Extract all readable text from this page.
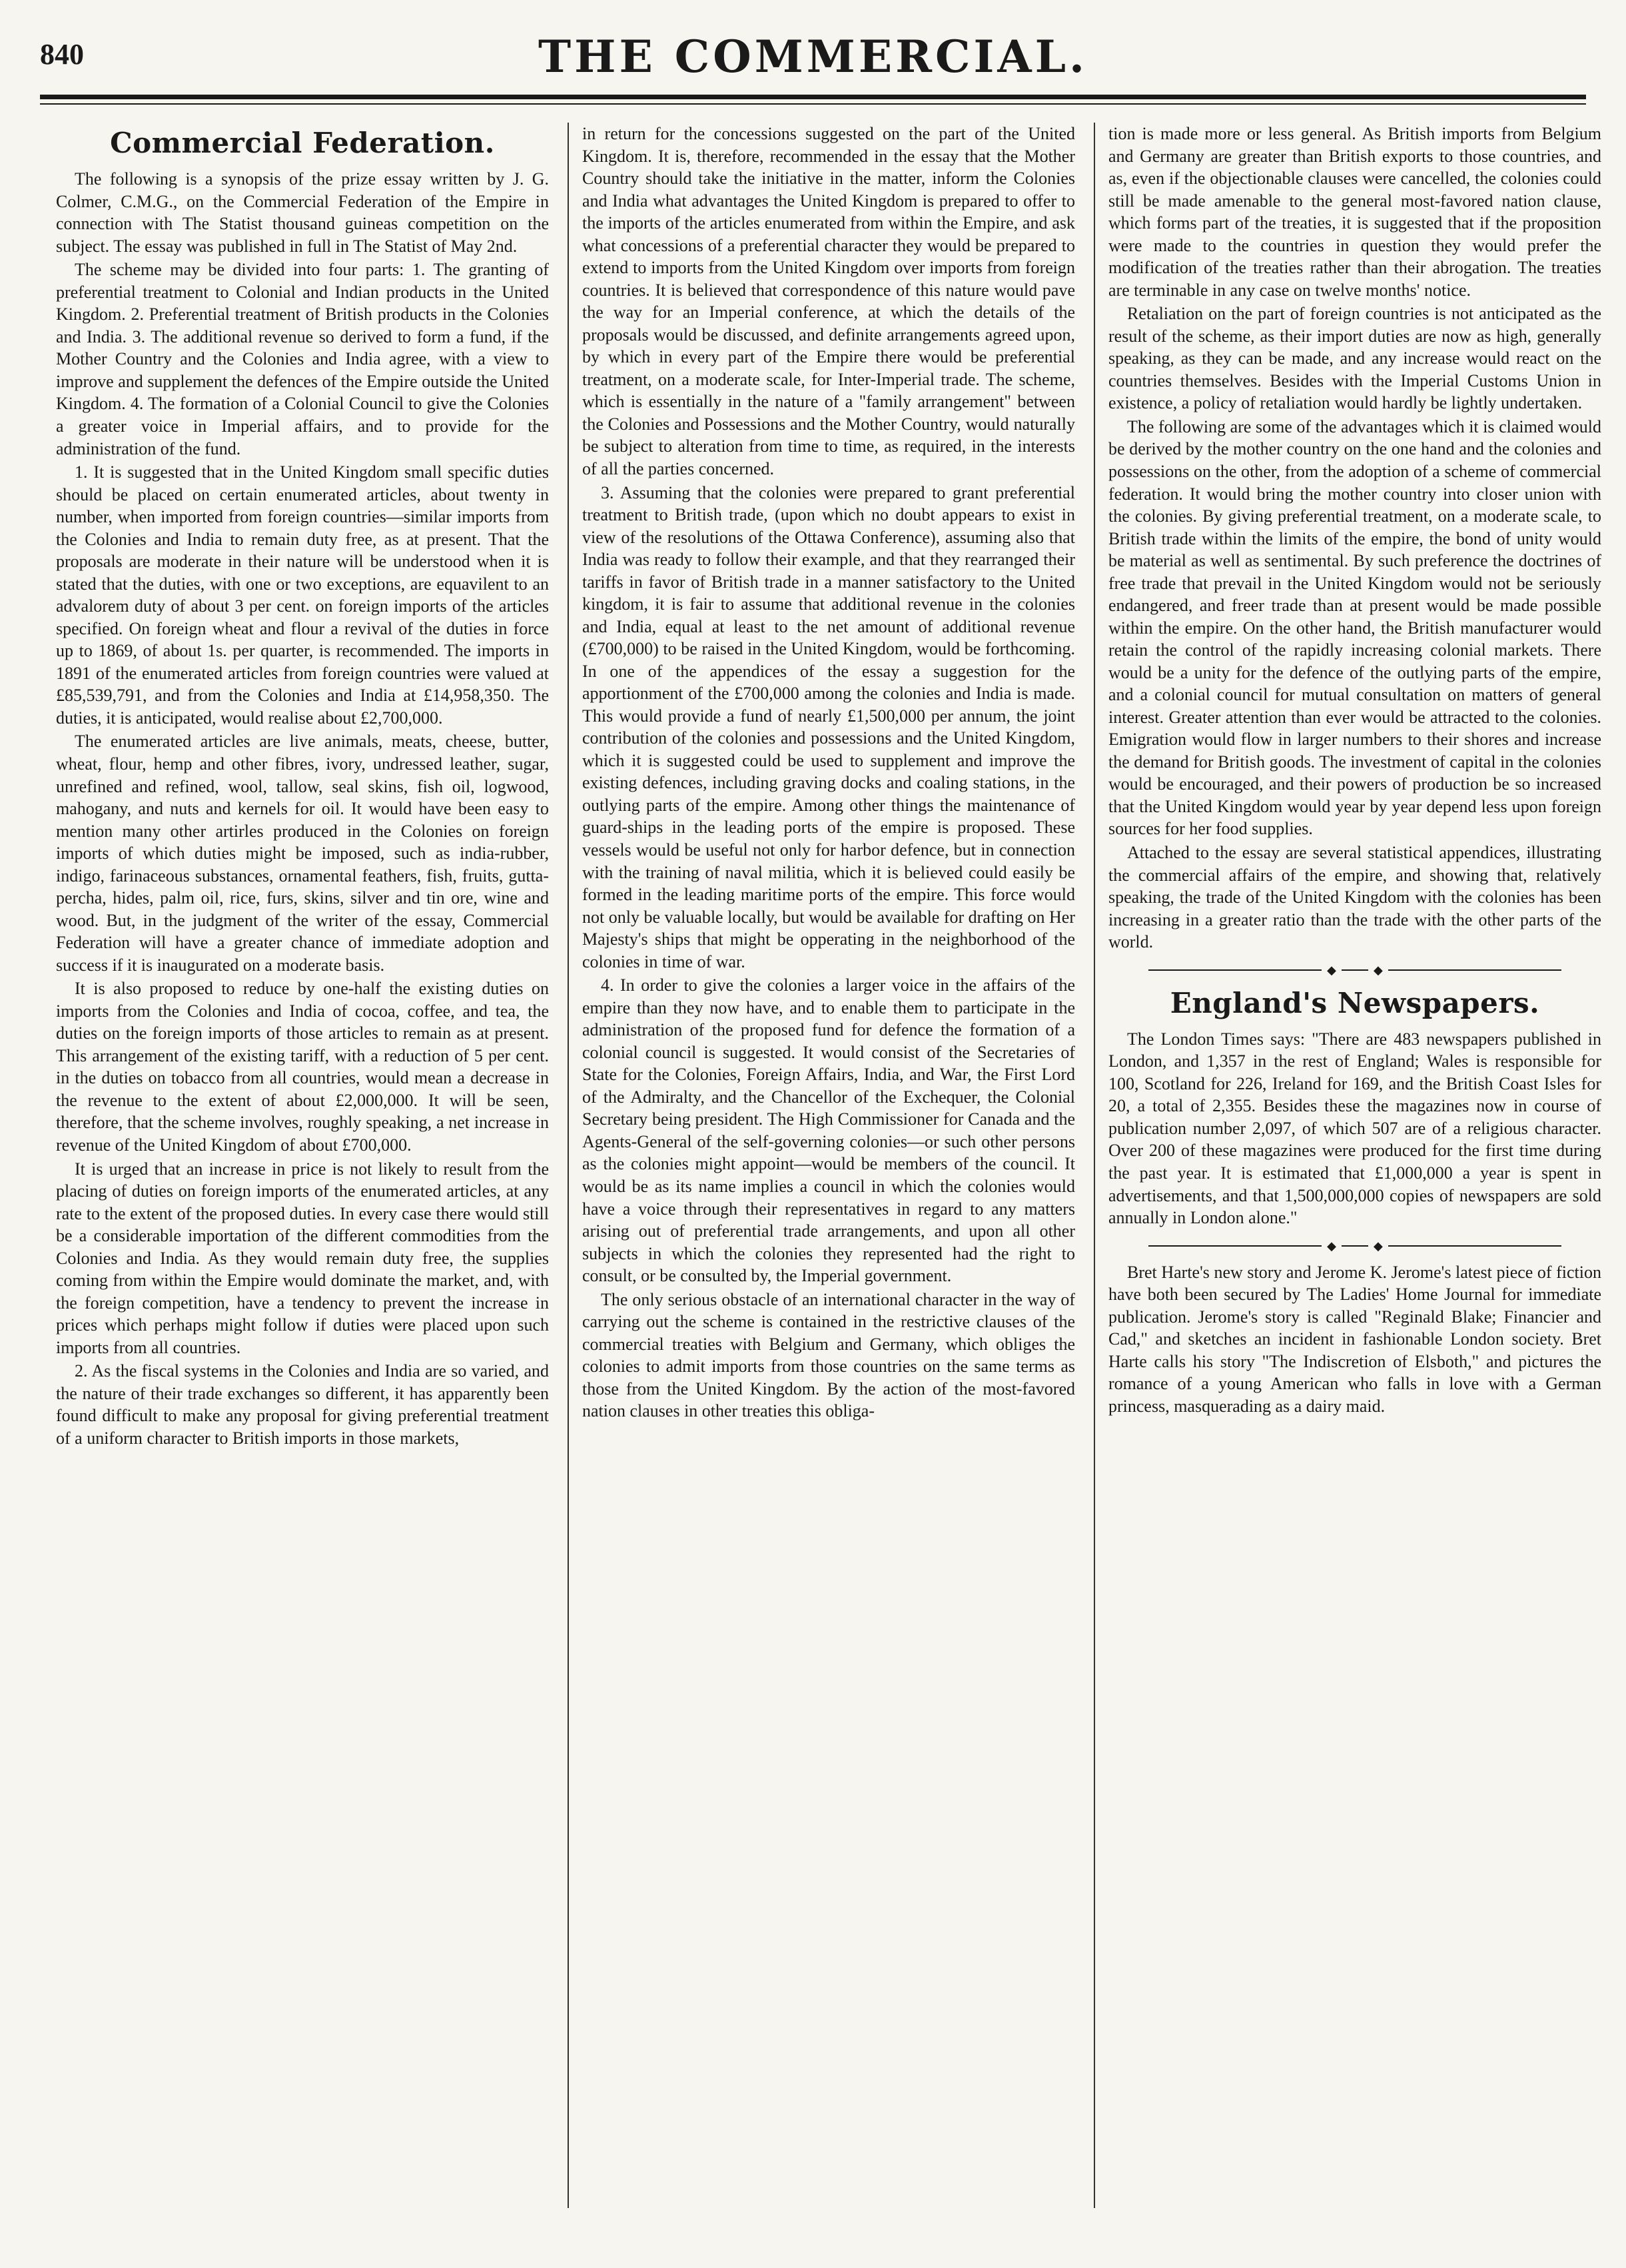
840	THE COMMERCIAL.
Commercial Federation.

The following is a synopsis of the prize essay written by J. G. Colmer, C.M.G., on the Commercial Federation of the Empire in connection with The Statist thousand guineas competition on the subject. The essay was published in full in The Statist of May 2nd.

The scheme may be divided into four parts: 1. The granting of preferential treatment to Colonial and Indian products in the United Kingdom. 2. Preferential treatment of British products in the Colonies and India. 3. The additional revenue so derived to form a fund, if the Mother Country and the Colonies and India agree, with a view to improve and supplement the defences of the Empire outside the United Kingdom. 4. The formation of a Colonial Council to give the Colonies a greater voice in Imperial affairs, and to provide for the administration of the fund.

1. It is suggested that in the United Kingdom small specific duties should be placed on certain enumerated articles, about twenty in number, when imported from foreign countries—similar imports from the Colonies and India to remain duty free, as at present. That the proposals are moderate in their nature will be understood when it is stated that the duties, with one or two exceptions, are equavilent to an advalorem duty of about 3 per cent. on foreign imports of the articles specified. On foreign wheat and flour a revival of the duties in force up to 1869, of about 1s. per quarter, is recommended. The imports in 1891 of the enumerated articles from foreign countries were valued at £85,539,791, and from the Colonies and India at £14,958,350. The duties, it is anticipated, would realise about £2,700,000.

The enumerated articles are live animals, meats, cheese, butter, wheat, flour, hemp and other fibres, ivory, undressed leather, sugar, unrefined and refined, wool, tallow, seal skins, fish oil, logwood, mahogany, and nuts and kernels for oil. It would have been easy to mention many other artirles produced in the Colonies on foreign imports of which duties might be imposed, such as india-rubber, indigo, farinaceous substances, ornamental feathers, fish, fruits, gutta-percha, hides, palm oil, rice, furs, skins, silver and tin ore, wine and wood. But, in the judgment of the writer of the essay, Commercial Federation will have a greater chance of immediate adoption and success if it is inaugurated on a moderate basis.

It is also proposed to reduce by one-half the existing duties on imports from the Colonies and India of cocoa, coffee, and tea, the duties on the foreign imports of those articles to remain as at present. This arrangement of the existing tariff, with a reduction of 5 per cent. in the duties on tobacco from all countries, would mean a decrease in the revenue to the extent of about £2,000,000. It will be seen, therefore, that the scheme involves, roughly speaking, a net increase in revenue of the United Kingdom of about £700,000.

It is urged that an increase in price is not likely to result from the placing of duties on foreign imports of the enumerated articles, at any rate to the extent of the proposed duties. In every case there would still be a considerable importation of the different commodities from the Colonies and India. As they would remain duty free, the supplies coming from within the Empire would dominate the market, and, with the foreign competition, have a tendency to prevent the increase in prices which perhaps might follow if duties were placed upon such imports from all countries.

2. As the fiscal systems in the Colonies and India are so varied, and the nature of their trade exchanges so different, it has apparently been found difficult to make any proposal for giving preferential treatment of a uniform character to British imports in those markets,

in return for the concessions suggested on the part of the United Kingdom. It is, therefore, recommended in the essay that the Mother Country should take the initiative in the matter, inform the Colonies and India what advantages the United Kingdom is prepared to offer to the imports of the articles enumerated from within the Empire, and ask what concessions of a preferential character they would be prepared to extend to imports from the United Kingdom over imports from foreign countries. It is believed that correspondence of this nature would pave the way for an Imperial conference, at which the details of the proposals would be discussed, and definite arrangements agreed upon, by which in every part of the Empire there would be preferential treatment, on a moderate scale, for Inter-Imperial trade. The scheme, which is essentially in the nature of a "family arrangement" between the Colonies and Possessions and the Mother Country, would naturally be subject to alteration from time to time, as required, in the interests of all the parties concerned.

3. Assuming that the colonies were prepared to grant preferential treatment to British trade, (upon which no doubt appears to exist in view of the resolutions of the Ottawa Conference), assuming also that India was ready to follow their example, and that they rearranged their tariffs in favor of British trade in a manner satisfactory to the United kingdom, it is fair to assume that additional revenue in the colonies and India, equal at least to the net amount of additional revenue (£700,000) to be raised in the United Kingdom, would be forthcoming. In one of the appendices of the essay a suggestion for the apportionment of the £700,000 among the colonies and India is made. This would provide a fund of nearly £1,500,000 per annum, the joint contribution of the colonies and possessions and the United Kingdom, which it is suggested could be used to supplement and improve the existing defences, including graving docks and coaling stations, in the outlying parts of the empire. Among other things the maintenance of guard-ships in the leading ports of the empire is proposed. These vessels would be useful not only for harbor defence, but in connection with the training of naval militia, which it is believed could easily be formed in the leading maritime ports of the empire. This force would not only be valuable locally, but would be available for drafting on Her Majesty's ships that might be opperating in the neighborhood of the colonies in time of war.

4. In order to give the colonies a larger voice in the affairs of the empire than they now have, and to enable them to participate in the administration of the proposed fund for defence the formation of a colonial council is suggested. It would consist of the Secretaries of State for the Colonies, Foreign Affairs, India, and War, the First Lord of the Admiralty, and the Chancellor of the Exchequer, the Colonial Secretary being president. The High Commissioner for Canada and the Agents-General of the self-governing colonies—or such other persons as the colonies might appoint—would be members of the council. It would be as its name implies a council in which the colonies would have a voice through their representatives in regard to any matters arising out of preferential trade arrangements, and upon all other subjects in which the colonies they represented had the right to consult, or be consulted by, the Imperial government.

The only serious obstacle of an international character in the way of carrying out the scheme is contained in the restrictive clauses of the commercial treaties with Belgium and Germany, which obliges the colonies to admit imports from those countries on the same terms as those from the United Kingdom. By the action of the most-favored nation clauses in other treaties this obliga-

tion is made more or less general. As British imports from Belgium and Germany are greater than British exports to those countries, and as, even if the objectionable clauses were cancelled, the colonies could still be made amenable to the general most-favored nation clause, which forms part of the treaties, it is suggested that if the proposition were made to the countries in question they would prefer the modification of the treaties rather than their abrogation. The treaties are terminable in any case on twelve months' notice.

Retaliation on the part of foreign countries is not anticipated as the result of the scheme, as their import duties are now as high, generally speaking, as they can be made, and any increase would react on the countries themselves. Besides with the Imperial Customs Union in existence, a policy of retaliation would hardly be lightly undertaken.

The following are some of the advantages which it is claimed would be derived by the mother country on the one hand and the colonies and possessions on the other, from the adoption of a scheme of commercial federation. It would bring the mother country into closer union with the colonies. By giving preferential treatment, on a moderate scale, to British trade within the limits of the empire, the bond of unity would be material as well as sentimental. By such preference the doctrines of free trade that prevail in the United Kingdom would not be seriously endangered, and freer trade than at present would be made possible within the empire. On the other hand, the British manufacturer would retain the control of the rapidly increasing colonial markets. There would be a unity for the defence of the outlying parts of the empire, and a colonial council for mutual consultation on matters of general interest. Greater attention than ever would be attracted to the colonies. Emigration would flow in larger numbers to their shores and increase the demand for British goods. The investment of capital in the colonies would be encouraged, and their powers of production be so increased that the United Kingdom would year by year depend less upon foreign sources for her food supplies.

Attached to the essay are several statistical appendices, illustrating the commercial affairs of the empire, and showing that, relatively speaking, the trade of the United Kingdom with the colonies has been increasing in a greater ratio than the trade with the other parts of the world.

◆	◆
England's Newspapers.

The London Times says: "There are 483 newspapers published in London, and 1,357 in the rest of England; Wales is responsible for 100, Scotland for 226, Ireland for 169, and the British Coast Isles for 20, a total of 2,355. Besides these the magazines now in course of publication number 2,097, of which 507 are of a religious character. Over 200 of these magazines were produced for the first time during the past year. It is estimated that £1,000,000 a year is spent in advertisements, and that 1,500,000,000 copies of newspapers are sold annually in London alone."

◆	◆

Bret Harte's new story and Jerome K. Jerome's latest piece of fiction have both been secured by The Ladies' Home Journal for immediate publication. Jerome's story is called "Reginald Blake; Financier and Cad," and sketches an incident in fashionable London society. Bret Harte calls his story "The Indiscretion of Elsboth," and pictures the romance of a young American who falls in love with a German princess, masquerading as a dairy maid.
